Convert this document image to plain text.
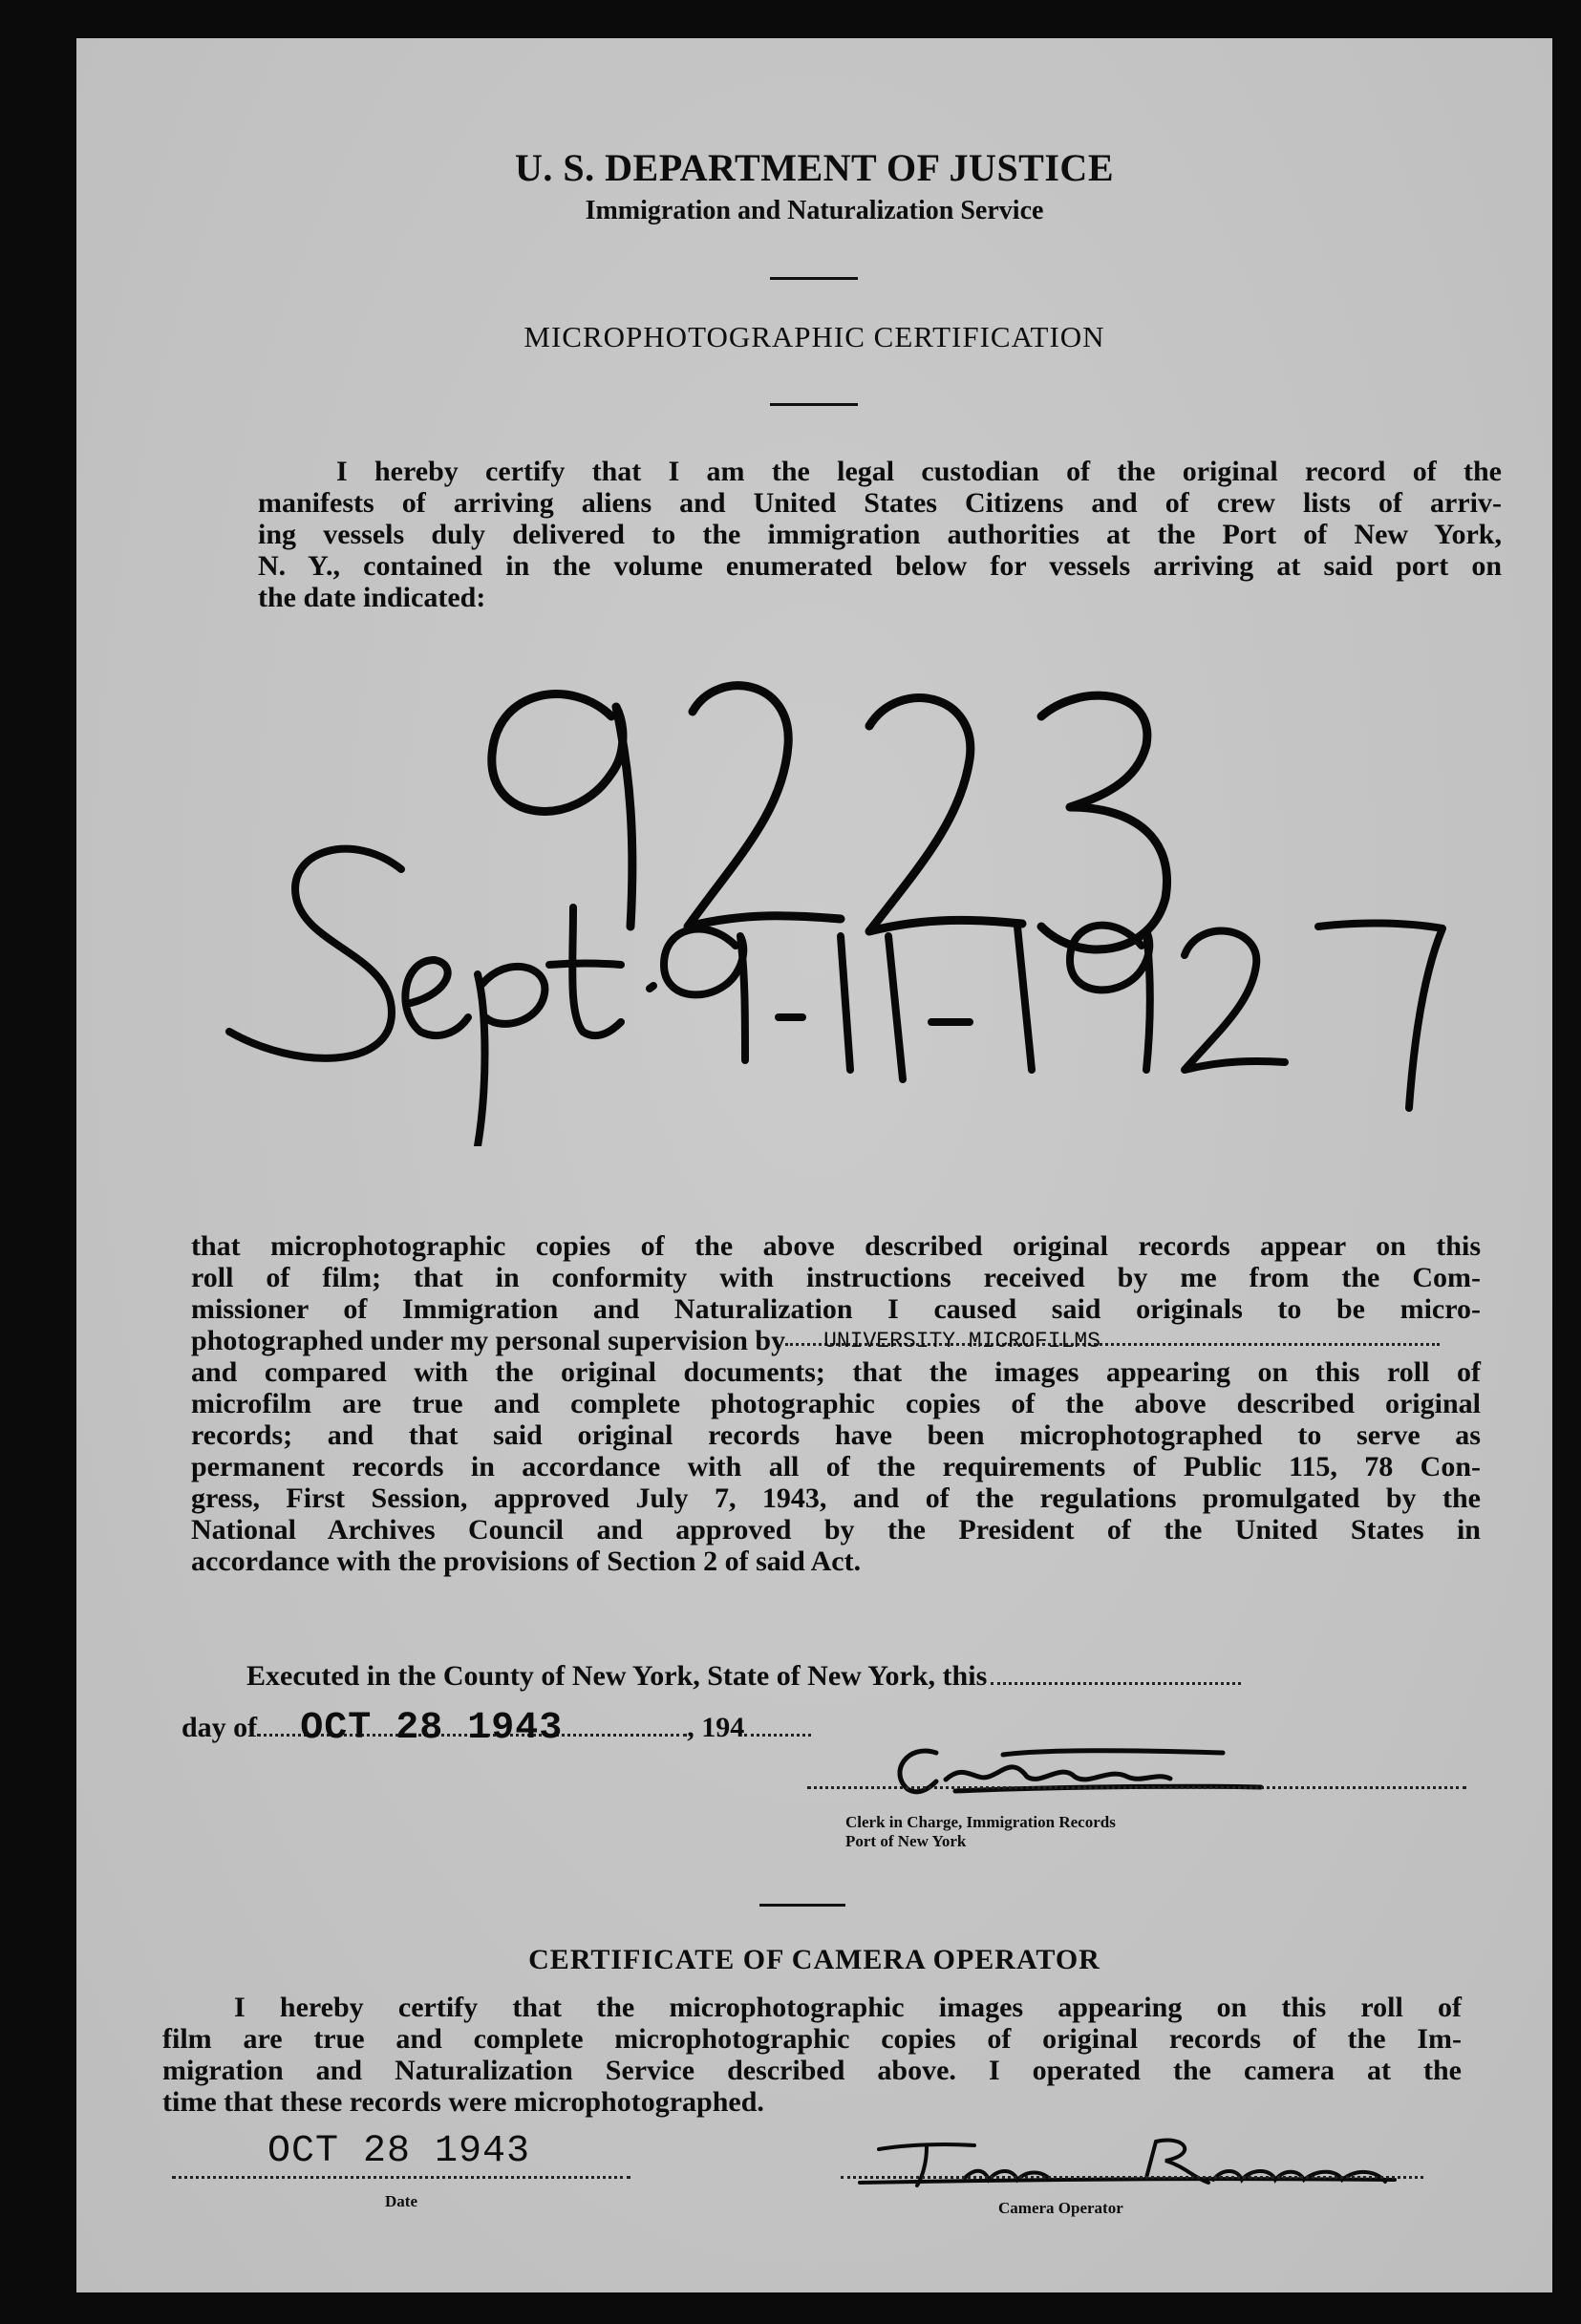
U. S. DEPARTMENT OF JUSTICE
Immigration and Naturalization Service
MICROPHOTOGRAPHIC CERTIFICATION
I hereby certify that I am the legal custodian of the original record of the
manifests of arriving aliens and United States Citizens and of crew lists of arriv-
ing vessels duly delivered to the immigration authorities at the Port of New York,
N. Y., contained in the volume enumerated below for vessels arriving at said port on
the date indicated:
that microphotographic copies of the above described original records appear on this
roll of film; that in conformity with instructions received by me from the Com-
missioner of Immigration and Naturalization I caused said originals to be micro-
photographed under my personal supervision by UNIVERSITY MICROFILMS
and compared with the original documents; that the images appearing on this roll of
microfilm are true and complete photographic copies of the above described original
records; and that said original records have been microphotographed to serve as
permanent records in accordance with all of the requirements of Public 115, 78 Con-
gress, First Session, approved July 7, 1943, and of the regulations promulgated by the
National Archives Council and approved by the President of the United States in
accordance with the provisions of Section 2 of said Act.
Executed in the County of New York, State of New York, this
day of OCT 28 1943	, 194
Clerk in Charge, Immigration Records
Port of New York
CERTIFICATE OF CAMERA OPERATOR
I hereby certify that the microphotographic images appearing on this roll of
film are true and complete microphotographic copies of original records of the Im-
migration and Naturalization Service described above. I operated the camera at the
time that these records were microphotographed.
OCT 28 1943
Date	Camera Operator
